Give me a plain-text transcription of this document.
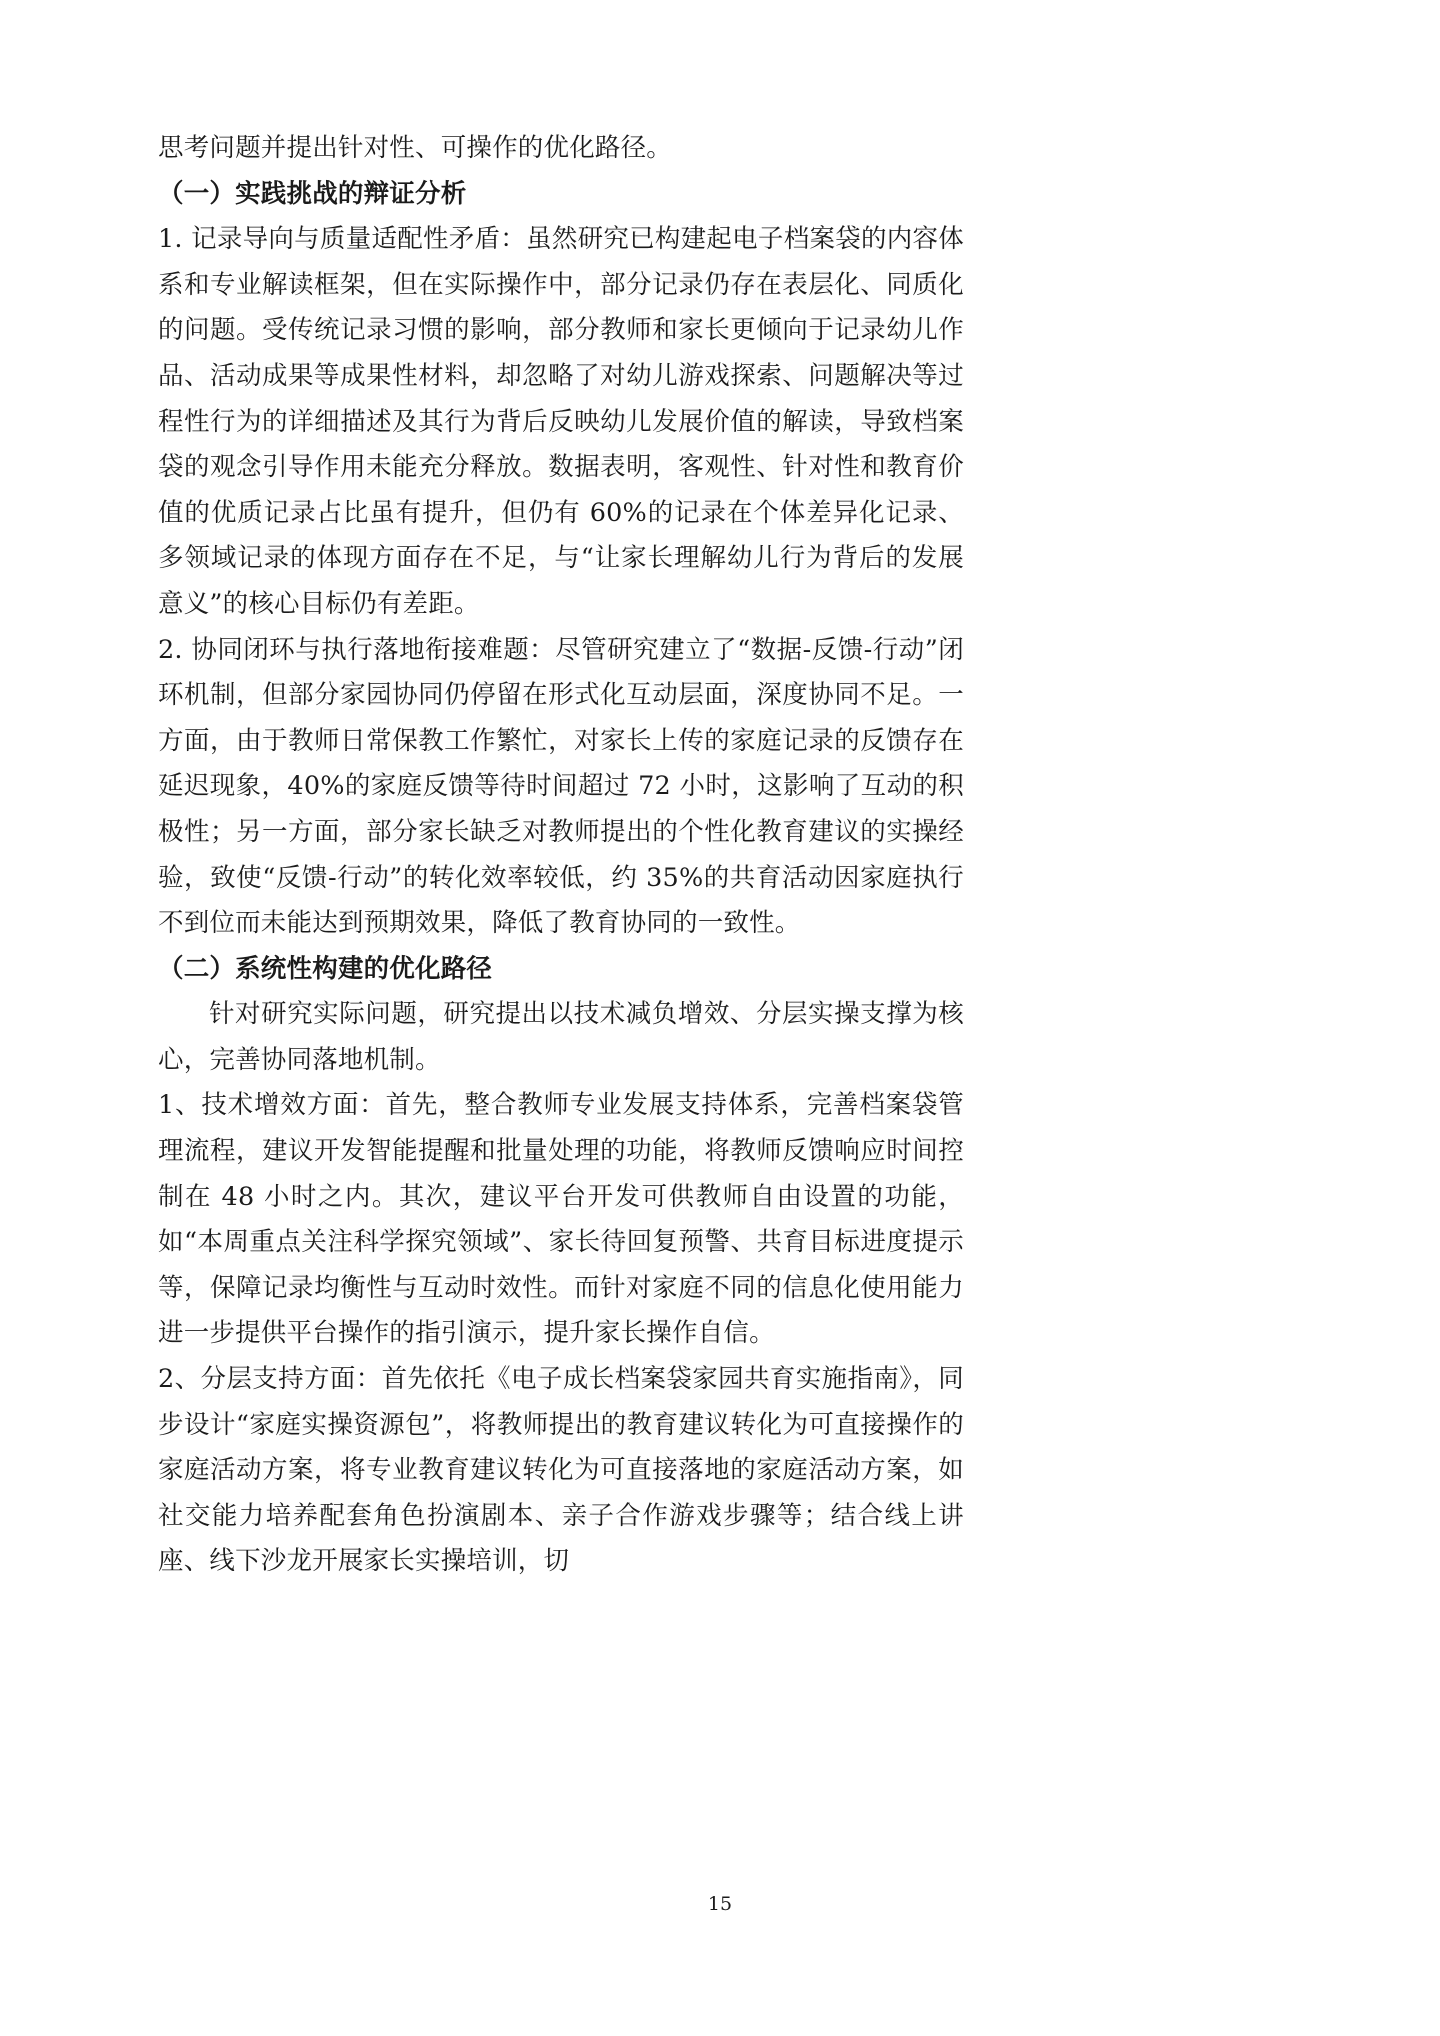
思考问题并提出针对性、可操作的优化路径。

（一）实践挑战的辩证分析

1. 记录导向与质量适配性矛盾：虽然研究已构建起电子档案袋的内容体系和专业解读框架，但在实际操作中，部分记录仍存在表层化、同质化的问题。受传统记录习惯的影响，部分教师和家长更倾向于记录幼儿作品、活动成果等成果性材料，却忽略了对幼儿游戏探索、问题解决等过程性行为的详细描述及其行为背后反映幼儿发展价值的解读，导致档案袋的观念引导作用未能充分释放。数据表明，客观性、针对性和教育价值的优质记录占比虽有提升，但仍有 60%的记录在个体差异化记录、多领域记录的体现方面存在不足，与“让家长理解幼儿行为背后的发展意义”的核心目标仍有差距。

2. 协同闭环与执行落地衔接难题：尽管研究建立了“数据-反馈-行动”闭环机制，但部分家园协同仍停留在形式化互动层面，深度协同不足。一方面，由于教师日常保教工作繁忙，对家长上传的家庭记录的反馈存在延迟现象，40%的家庭反馈等待时间超过 72 小时，这影响了互动的积极性；另一方面，部分家长缺乏对教师提出的个性化教育建议的实操经验，致使“反馈-行动”的转化效率较低，约 35%的共育活动因家庭执行不到位而未能达到预期效果，降低了教育协同的一致性。

（二）系统性构建的优化路径

针对研究实际问题，研究提出以技术减负增效、分层实操支撑为核心，完善协同落地机制。

1、技术增效方面：首先，整合教师专业发展支持体系，完善档案袋管理流程，建议开发智能提醒和批量处理的功能，将教师反馈响应时间控制在 48 小时之内。其次，建议平台开发可供教师自由设置的功能，如“本周重点关注科学探究领域”、家长待回复预警、共育目标进度提示等，保障记录均衡性与互动时效性。而针对家庭不同的信息化使用能力进一步提供平台操作的指引演示，提升家长操作自信。

2、分层支持方面：首先依托《电子成长档案袋家园共育实施指南》，同步设计“家庭实操资源包”，将教师提出的教育建议转化为可直接操作的家庭活动方案，将专业教育建议转化为可直接落地的家庭活动方案，如社交能力培养配套角色扮演剧本、亲子合作游戏步骤等；结合线上讲座、线下沙龙开展家长实操培训，切

15
